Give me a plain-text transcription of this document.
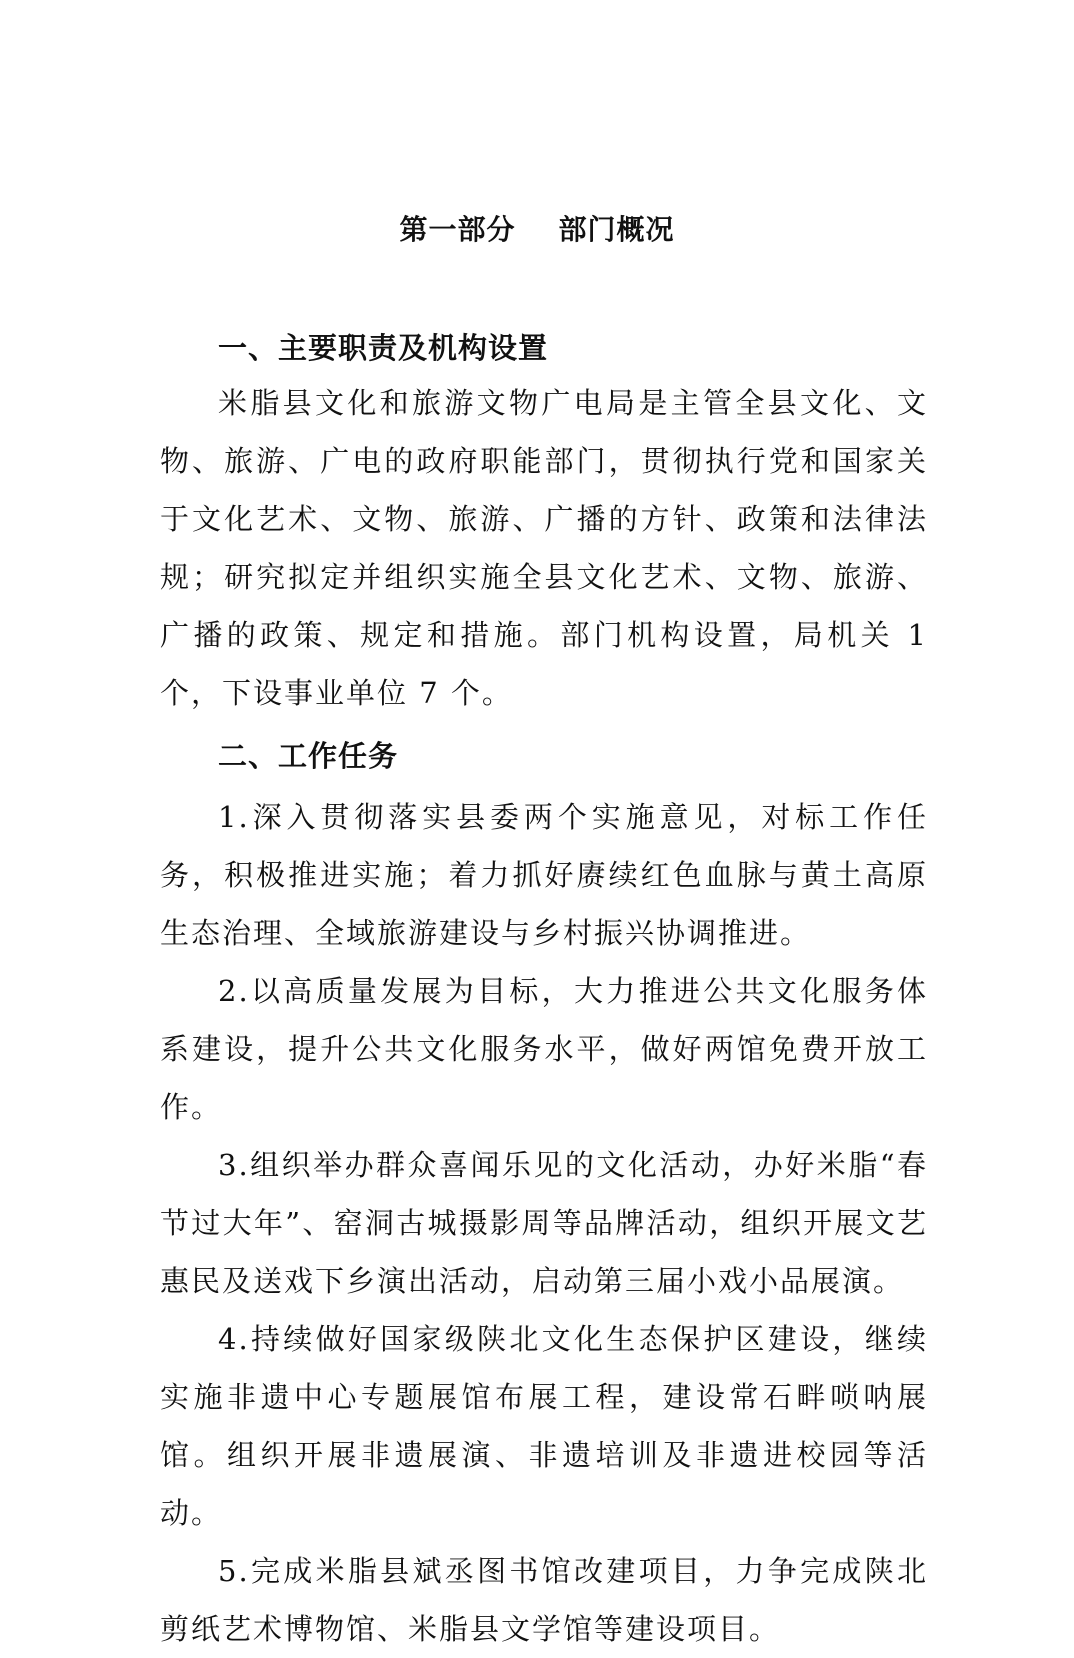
第一部分    部门概况

一、主要职责及机构设置

米脂县文化和旅游文物广电局是主管全县文化、文物、旅游、广电的政府职能部门，贯彻执行党和国家关于文化艺术、文物、旅游、广播的方针、政策和法律法规；研究拟定并组织实施全县文化艺术、文物、旅游、广播的政策、规定和措施。部门机构设置，局机关 1 个，下设事业单位 7 个。

二、工作任务

1.深入贯彻落实县委两个实施意见，对标工作任务，积极推进实施；着力抓好赓续红色血脉与黄土高原生态治理、全域旅游建设与乡村振兴协调推进。

2.以高质量发展为目标，大力推进公共文化服务体系建设，提升公共文化服务水平，做好两馆免费开放工作。

3.组织举办群众喜闻乐见的文化活动，办好米脂“春节过大年”、窑洞古城摄影周等品牌活动，组织开展文艺惠民及送戏下乡演出活动，启动第三届小戏小品展演。

4.持续做好国家级陕北文化生态保护区建设，继续实施非遗中心专题展馆布展工程，建设常石畔唢呐展馆。组织开展非遗展演、非遗培训及非遗进校园等活动。

5.完成米脂县斌丞图书馆改建项目，力争完成陕北剪纸艺术博物馆、米脂县文学馆等建设项目。
